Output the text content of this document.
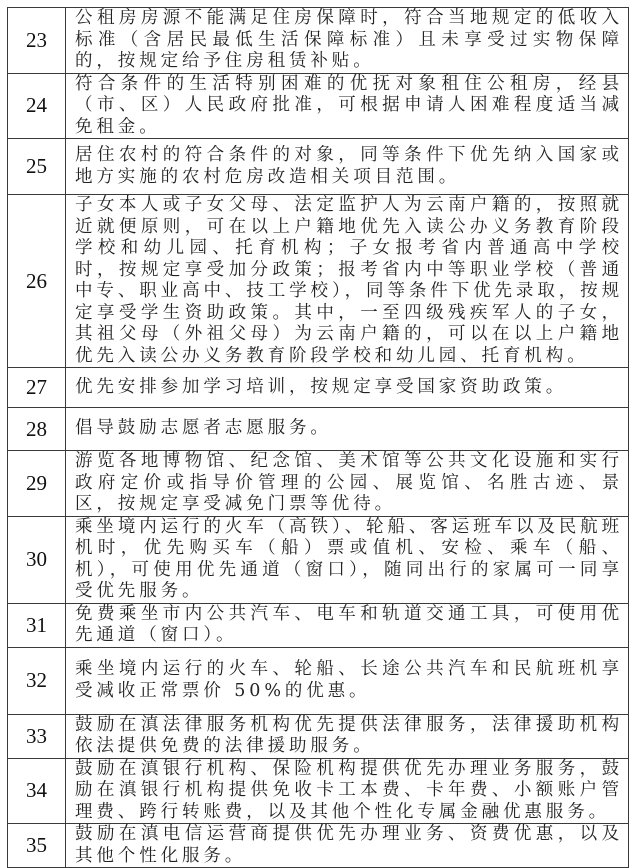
23	公租房房源不能满足住房保障时，符合当地规定的低收入标准（含居民最低生活保障标准）且未享受过实物保障的，按规定给予住房租赁补贴。
24	符合条件的生活特别困难的优抚对象租住公租房，经县（市、区）人民政府批准，可根据申请人困难程度适当减免租金。
25	居住农村的符合条件的对象，同等条件下优先纳入国家或地方实施的农村危房改造相关项目范围。
26	子女本人或子女父母、法定监护人为云南户籍的，按照就近就便原则，可在以上户籍地优先入读公办义务教育阶段学校和幼儿园、托育机构；子女报考省内普通高中学校时，按规定享受加分政策；报考省内中等职业学校（普通中专、职业高中、技工学校），同等条件下优先录取，按规定享受学生资助政策。其中，一至四级残疾军人的子女，其祖父母（外祖父母）为云南户籍的，可以在以上户籍地优先入读公办义务教育阶段学校和幼儿园、托育机构。
27	优先安排参加学习培训，按规定享受国家资助政策。
28	倡导鼓励志愿者志愿服务。
29	游览各地博物馆、纪念馆、美术馆等公共文化设施和实行政府定价或指导价管理的公园、展览馆、名胜古迹、景区，按规定享受减免门票等优待。
30	乘坐境内运行的火车（高铁）、轮船、客运班车以及民航班机时，优先购买车（船）票或值机、安检、乘车（船、机），可使用优先通道（窗口），随同出行的家属可一同享受优先服务。
31	免费乘坐市内公共汽车、电车和轨道交通工具，可使用优先通道（窗口）。
32	乘坐境内运行的火车、轮船、长途公共汽车和民航班机享受减收正常票价 50%的优惠。
33	鼓励在滇法律服务机构优先提供法律服务，法律援助机构依法提供免费的法律援助服务。
34	鼓励在滇银行机构、保险机构提供优先办理业务服务，鼓励在滇银行机构提供免收卡工本费、卡年费、小额账户管理费、跨行转账费，以及其他个性化专属金融优惠服务。
35	鼓励在滇电信运营商提供优先办理业务、资费优惠，以及其他个性化服务。
